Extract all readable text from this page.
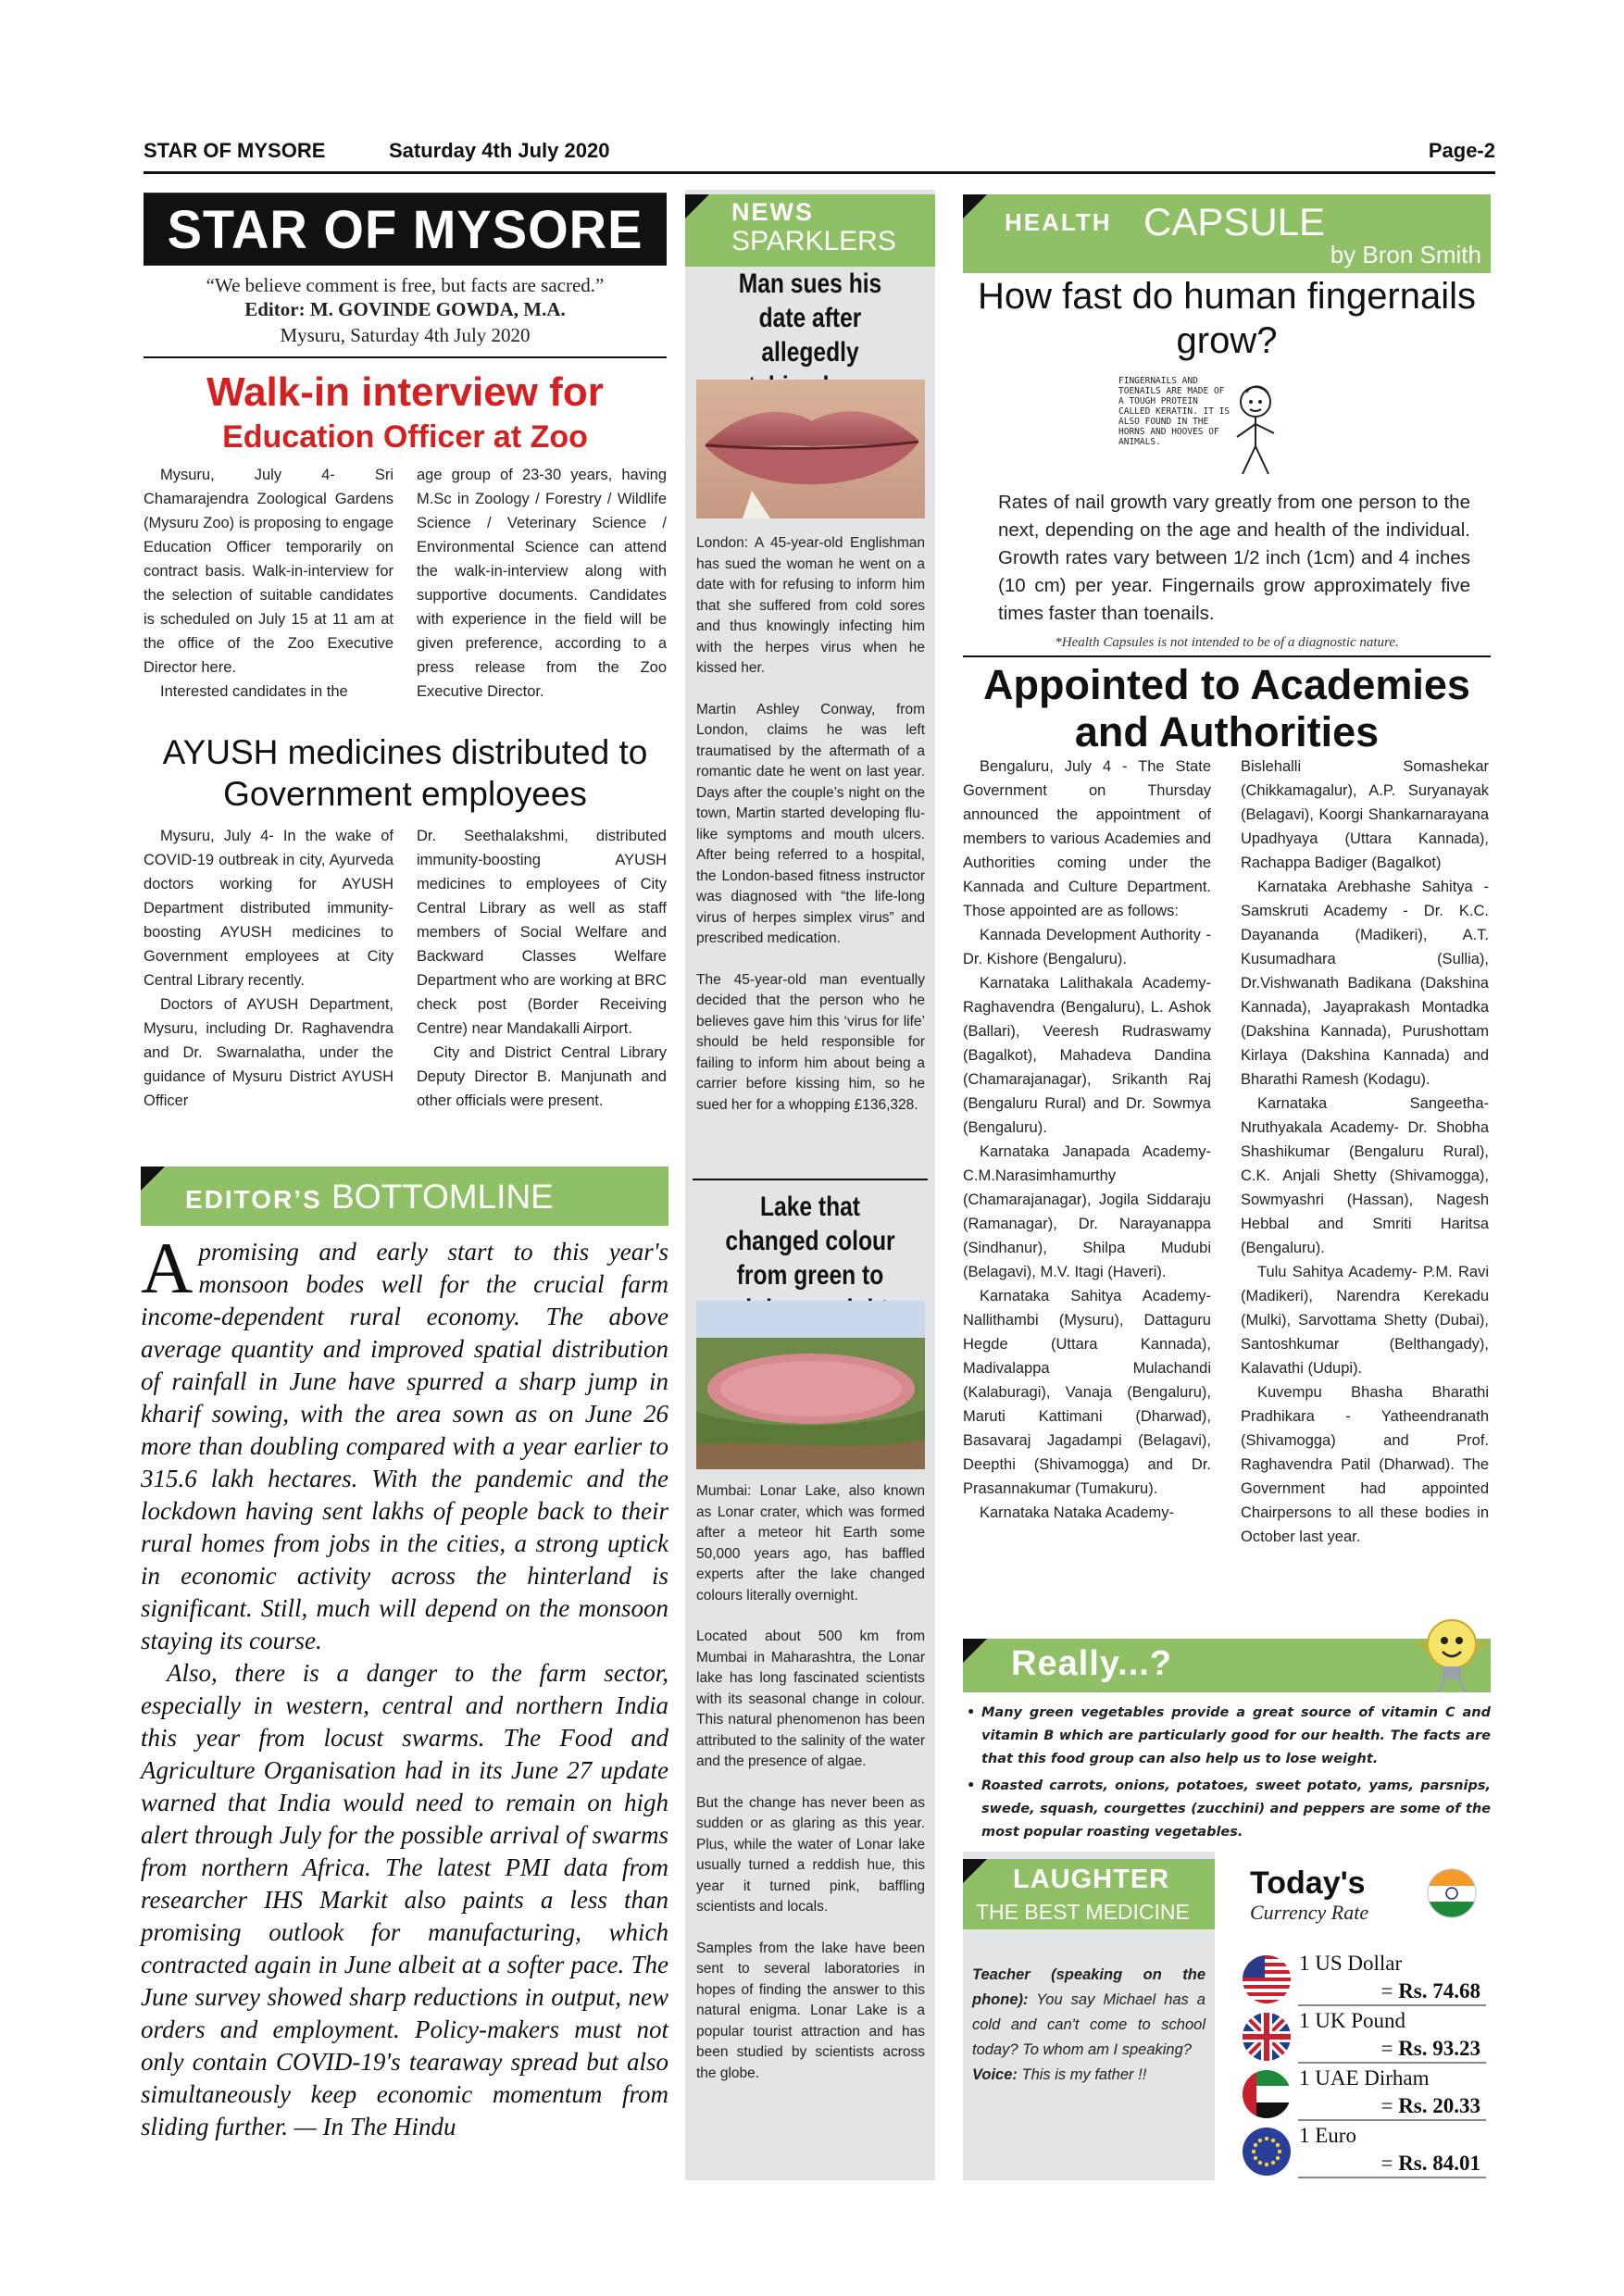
STAR OF MYSORE	Saturday 4th July 2020	Page-2
STAR OF MYSORE
“We believe comment is free, but facts are sacred.”
Editor: M. GOVINDE GOWDA, M.A.
Mysuru, Saturday 4th July 2020
Walk-in interview for
Education Officer at Zoo

Mysuru, July 4- Sri Chamarajendra Zoological Gardens (Mysuru Zoo) is proposing to engage Education Officer temporarily on contract basis. Walk-in-interview for the selection of suitable candidates is scheduled on July 15 at 11 am at the office of the Zoo Executive Director here.

Interested candidates in the

age group of 23-30 years, having M.Sc in Zoology / Forestry / Wildlife Science / Veterinary Science / Environmental Science can attend the walk-in-interview along with supportive documents. Candidates with experience in the field will be given preference, according to a press release from the Zoo Executive Director.

AYUSH medicines distributed to Government employees

Mysuru, July 4- In the wake of COVID-19 outbreak in city, Ayurveda doctors working for AYUSH Department distributed immunity-boosting AYUSH medicines to Government employees at City Central Library recently.

Doctors of AYUSH Department, Mysuru, including Dr. Raghavendra and Dr. Swarnalatha, under the guidance of Mysuru District AYUSH Officer

Dr. Seethalakshmi, distributed immunity-boosting AYUSH medicines to employees of City Central Library as well as staff members of Social Welfare and Backward Classes Welfare Department who are working at BRC check post (Border Receiving Centre) near Mandakalli Airport.

City and District Central Library Deputy Director B. Manjunath and other officials were present.

EDITOR’S BOTTOMLINE

Apromising and early start to this year's monsoon bodes well for the crucial farm income-dependent rural economy. The above average quantity and improved spatial distribution of rainfall in June have spurred a sharp jump in kharif sowing, with the area sown as on June 26 more than doubling compared with a year earlier to 315.6 lakh hectares. With the pandemic and the lockdown having sent lakhs of people back to their rural homes from jobs in the cities, a strong uptick in economic activity across the hinterland is significant. Still, much will depend on the monsoon staying its course.

Also, there is a danger to the farm sector, especially in western, central and northern India this year from locust swarms. The Food and Agriculture Organisation had in its June 27 update warned that India would need to remain on high alert through July for the possible arrival of swarms from northern Africa. The latest PMI data from researcher IHS Markit also paints a less than promising outlook for manufacturing, which contracted again in June albeit at a softer pace. The June survey showed sharp reductions in output, new orders and employment. Policy-makers must not only contain COVID-19's tearaway spread but also simultaneously keep economic momentum from sliding further. — In The Hindu

NEWS
SPARKLERS
Man sues his date after allegedly

London: A 45-year-old Englishman has sued the woman he went on a date with for refusing to inform him that she suffered from cold sores and thus knowingly infecting him with the herpes virus when he kissed her.

Martin Ashley Conway, from London, claims he was left traumatised by the aftermath of a romantic date he went on last year. Days after the couple’s night on the town, Martin started developing flu-like symptoms and mouth ulcers. After being referred to a hospital, the London-based fitness instructor was diagnosed with “the life-long virus of herpes simplex virus” and prescribed medication.

The 45-year-old man eventually decided that the person who he believes gave him this ‘virus for life’ should be held responsible for failing to inform him about being a carrier before kissing him, so he sued her for a whopping £136,328.

Lake that changed colour from green to

Mumbai: Lonar Lake, also known as Lonar crater, which was formed after a meteor hit Earth some 50,000 years ago, has baffled experts after the lake changed colours literally overnight.

Located about 500 km from Mumbai in Maharashtra, the Lonar lake has long fascinated scientists with its seasonal change in colour. This natural phenomenon has been attributed to the salinity of the water and the presence of algae.

But the change has never been as sudden or as glaring as this year. Plus, while the water of Lonar lake usually turned a reddish hue, this year it turned pink, baffling scientists and locals.

Samples from the lake have been sent to several laboratories in hopes of finding the answer to this natural enigma. Lonar Lake is a popular tourist attraction and has been studied by scientists across the globe.

HEALTH CAPSULE
by Bron Smith
How fast do human fingernails grow?
FINGERNAILS AND TOENAILS ARE MADE OF A TOUGH PROTEIN CALLED KERATIN. IT IS ALSO FOUND IN THE HORNS AND HOOVES OF ANIMALS.
Rates of nail growth vary greatly from one person to the next, depending on the age and health of the individual. Growth rates vary between 1/2 inch (1cm) and 4 inches (10 cm) per year. Fingernails grow approximately five times faster than toenails.
*Health Capsules is not intended to be of a diagnostic nature.
Appointed to Academies and Authorities

Bengaluru, July 4 - The State Government on Thursday announced the appointment of members to various Academies and Authorities coming under the Kannada and Culture Department. Those appointed are as follows:

Kannada Development Authority - Dr. Kishore (Bengaluru).

Karnataka Lalithakala Academy- Raghavendra (Bengaluru), L. Ashok (Ballari), Veeresh Rudraswamy (Bagalkot), Mahadeva Dandina (Chamarajanagar), Srikanth Raj (Bengaluru Rural) and Dr. Sowmya (Bengaluru).

Karnataka Janapada Academy- C.M.Narasimhamurthy (Chamarajanagar), Jogila Siddaraju (Ramanagar), Dr. Narayanappa (Sindhanur), Shilpa Mudubi (Belagavi), M.V. Itagi (Haveri).

Karnataka Sahitya Academy- Nallithambi (Mysuru), Dattaguru Hegde (Uttara Kannada), Madivalappa Mulachandi (Kalaburagi), Vanaja (Bengaluru), Maruti Kattimani (Dharwad), Basavaraj Jagadampi (Belagavi), Deepthi (Shivamogga) and Dr. Prasannakumar (Tumakuru).

Karnataka Nataka Academy-

Bislehalli Somashekar (Chikkamagalur), A.P. Suryanayak (Belagavi), Koorgi Shankarnarayana Upadhyaya (Uttara Kannada), Rachappa Badiger (Bagalkot)

Karnataka Arebhashe Sahitya - Samskruti Academy - Dr. K.C. Dayananda (Madikeri), A.T. Kusumadhara (Sullia), Dr.Vishwanath Badikana (Dakshina Kannada), Jayaprakash Montadka (Dakshina Kannada), Purushottam Kirlaya (Dakshina Kannada) and Bharathi Ramesh (Kodagu).

Karnataka Sangeetha-Nruthyakala Academy- Dr. Shobha Shashikumar (Bengaluru Rural), C.K. Anjali Shetty (Shivamogga), Sowmyashri (Hassan), Nagesh Hebbal and Smriti Haritsa (Bengaluru).

Tulu Sahitya Academy- P.M. Ravi (Madikeri), Narendra Kerekadu (Mulki), Sarvottama Shetty (Dubai), Santoshkumar (Belthangady), Kalavathi (Udupi).

Kuvempu Bhasha Bharathi Pradhikara - Yatheendranath (Shivamogga) and Prof. Raghavendra Patil (Dharwad). The Government had appointed Chairpersons to all these bodies in October last year.

Really...?
• Many green vegetables provide a great source of vitamin C and vitamin B which are particularly good for our health. The facts are that this food group can also help us to lose weight.
• Roasted carrots, onions, potatoes, sweet potato, yams, parsnips, swede, squash, courgettes (zucchini) and peppers are some of the most popular roasting vegetables.
LAUGHTER
THE BEST MEDICINE
Teacher (speaking on the phone): You say Michael has a cold and can't come to school today? To whom am I speaking?
Voice: This is my father !!
Today's
Currency Rate
1 US Dollar
= Rs. 74.68
1 UK Pound
= Rs. 93.23
1 UAE Dirham
= Rs. 20.33
1 Euro
= Rs. 84.01
